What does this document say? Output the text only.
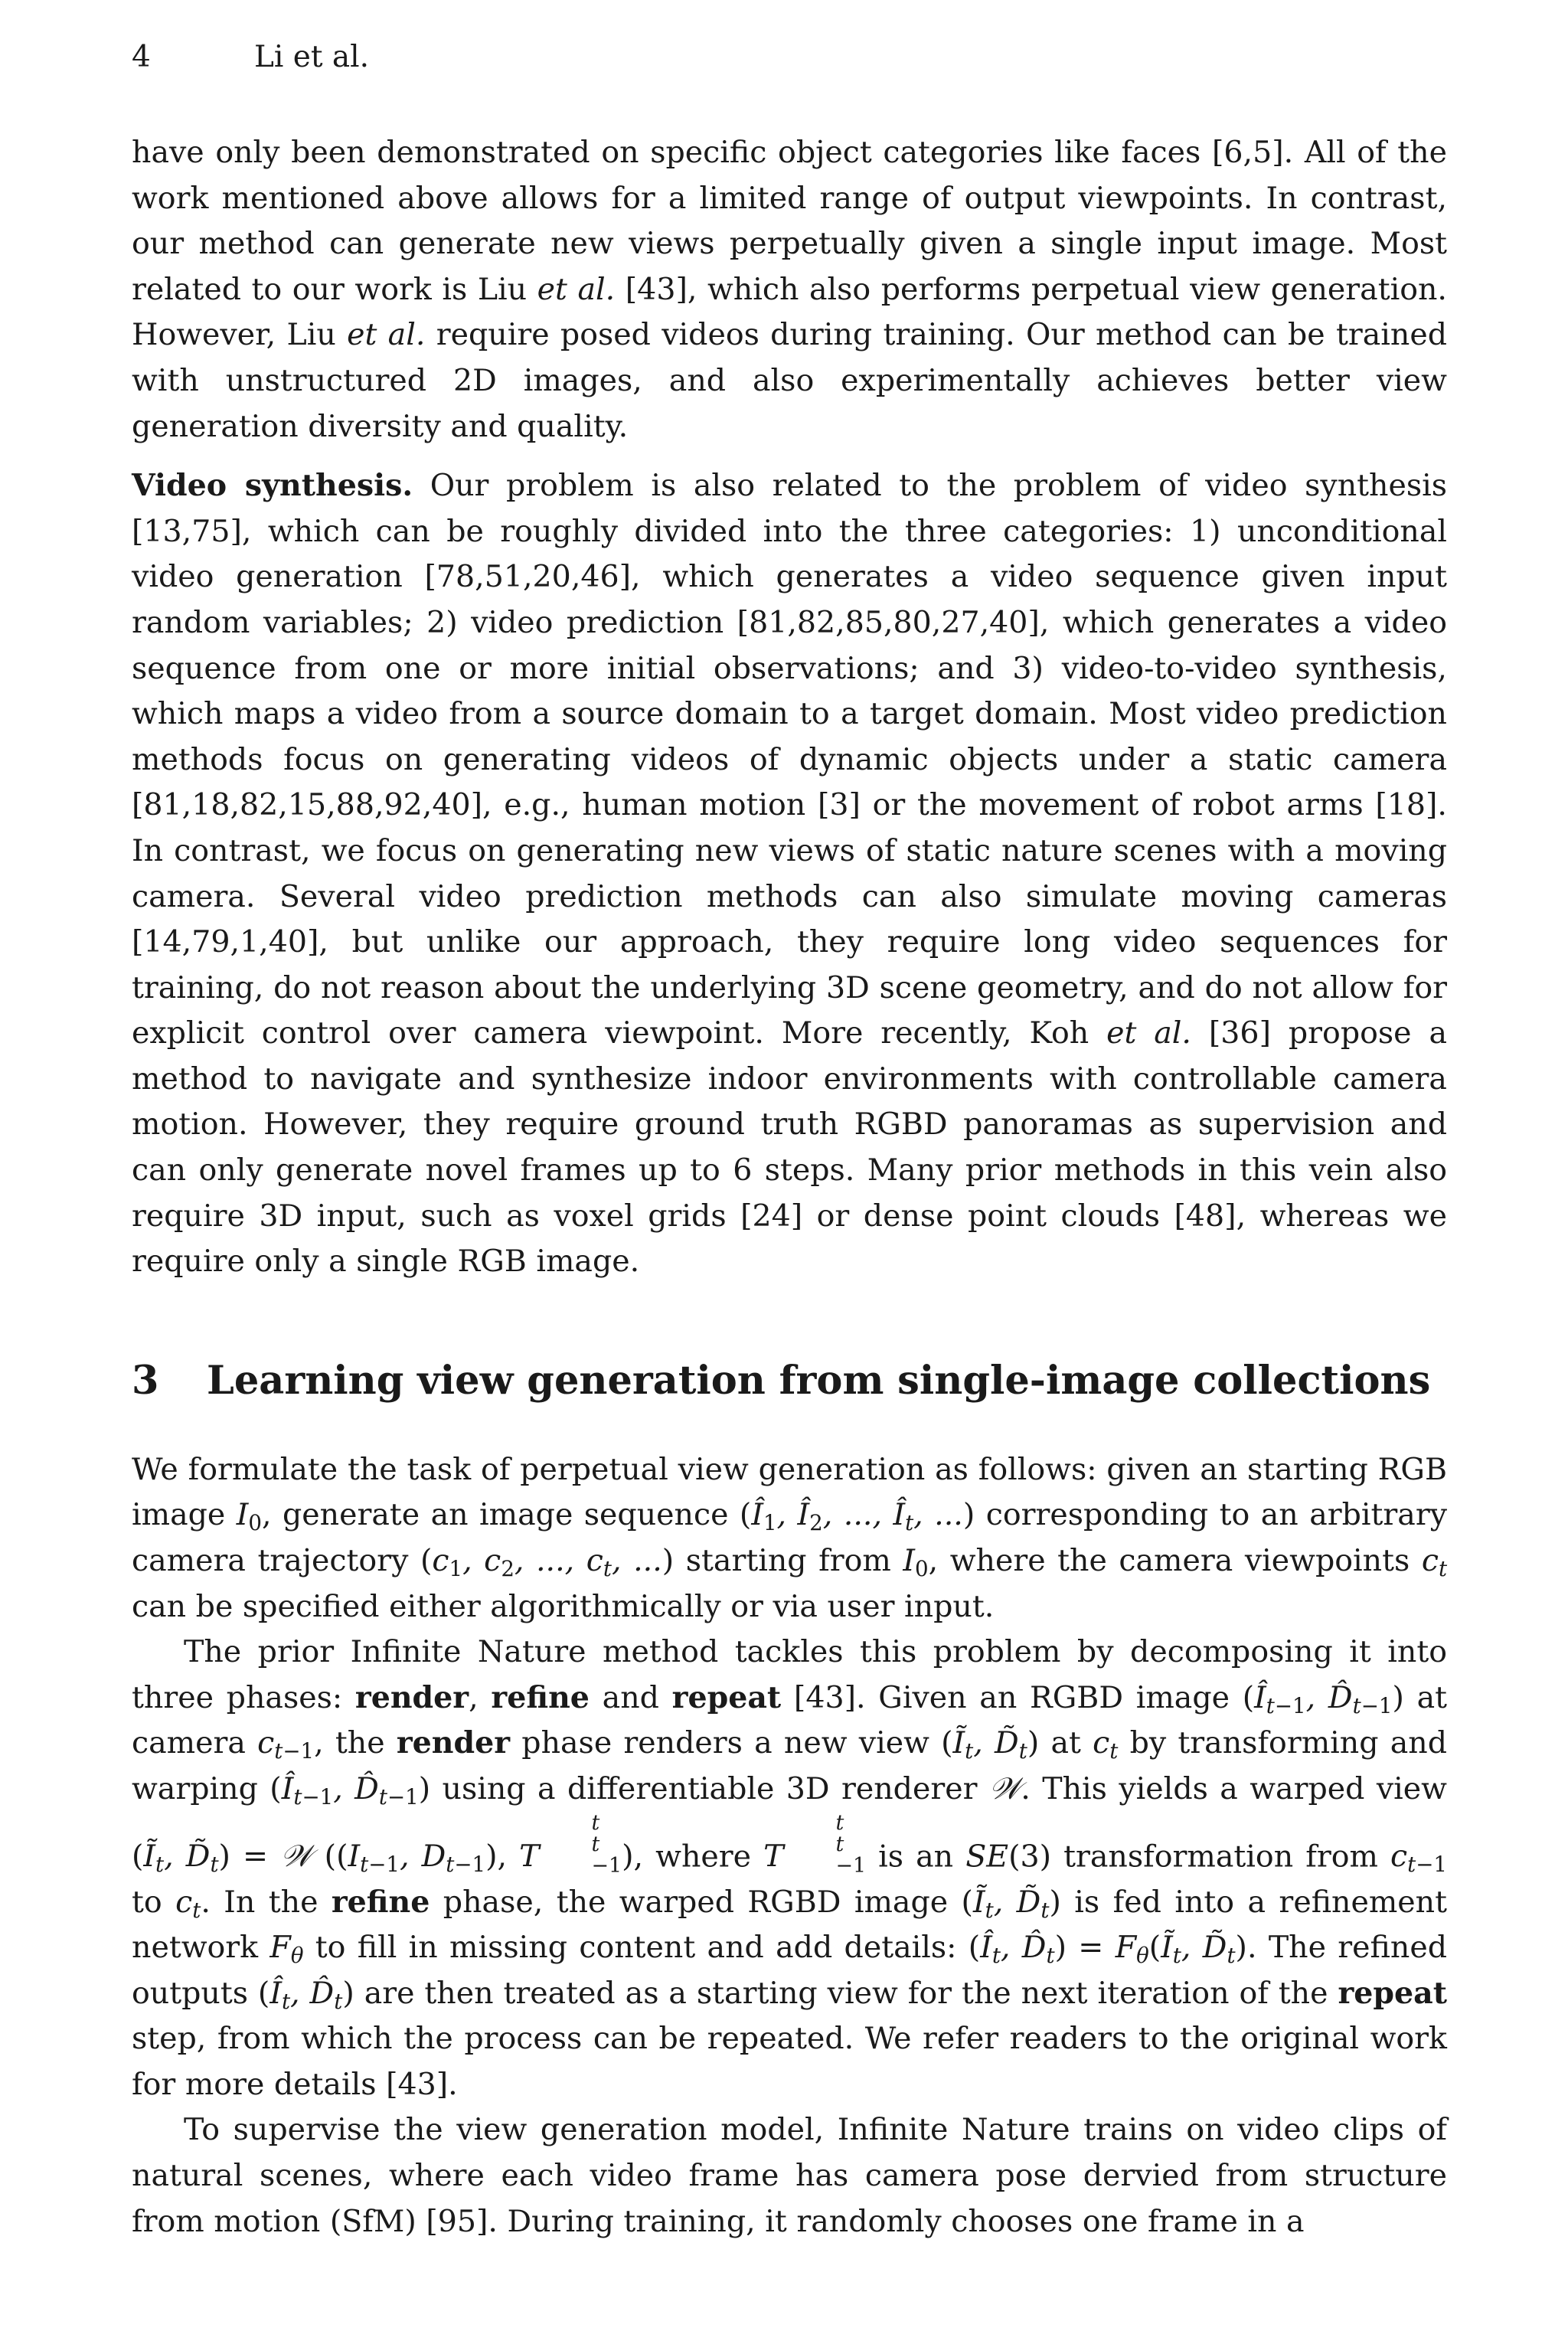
4	Li et al.

have only been demonstrated on specific object categories like faces [6,5]. All of the work mentioned above allows for a limited range of output viewpoints. In contrast, our method can generate new views perpetually given a single input image. Most related to our work is Liu et al. [43], which also performs perpetual view generation. However, Liu et al. require posed videos during training. Our method can be trained with unstructured 2D images, and also experimentally achieves better view generation diversity and quality.

Video synthesis. Our problem is also related to the problem of video synthesis [13,75], which can be roughly divided into the three categories: 1) unconditional video generation [78,51,20,46], which generates a video sequence given input random variables; 2) video prediction [81,82,85,80,27,40], which generates a video sequence from one or more initial observations; and 3) video-to-video synthesis, which maps a video from a source domain to a target domain. Most video prediction methods focus on generating videos of dynamic objects under a static camera [81,18,82,15,88,92,40], e.g., human motion [3] or the movement of robot arms [18]. In contrast, we focus on generating new views of static nature scenes with a moving camera. Several video prediction methods can also simulate moving cameras [14,79,1,40], but unlike our approach, they require long video sequences for training, do not reason about the underlying 3D scene geometry, and do not allow for explicit control over camera viewpoint. More recently, Koh et al. [36] propose a method to navigate and synthesize indoor environments with controllable camera motion. However, they require ground truth RGBD panoramas as supervision and can only generate novel frames up to 6 steps. Many prior methods in this vein also require 3D input, such as voxel grids [24] or dense point clouds [48], whereas we require only a single RGB image.

3	Learning view generation from single-image collections

We formulate the task of perpetual view generation as follows: given an starting RGB image $I_0$, generate an image sequence ($Î_1$, $Î_2$, ..., $Î_t$, ...) corresponding to an arbitrary camera trajectory ($c_1$, $c_2$, ..., $c_t$, ...) starting from $I_0$, where the camera viewpoints $c_t$ can be specified either algorithmically or via user input.

The prior Infinite Nature method tackles this problem by decomposing it into three phases: render, refine and repeat [43]. Given an RGBD image ($Î_{t-1}$, $D̂_{t-1}$) at camera $c_{t-1}$, the render phase renders a new view ($Ĩ_t$, $D̃_t$) at $c_t$ by transforming and warping ($Î_{t-1}$, $D̂_{t-1}$) using a differentiable 3D renderer 𝒲. This yields a warped view ($Ĩ_t$, $D̃_t$) = 𝒲 (($I_{t-1}$, $D_{t-1}$), T
t
t
−1 ), where T
t
t
−1 is an SE(3) transformation from $c_{t-1}$ to $c_t$. In the refine phase, the warped RGBD image ($Ĩ_t$, $D̃_t$) is fed into a refinement network $F_\theta$ to fill in missing content and add details: ($Î_t$, $D̂_t$) = $F_\theta(Ĩ_t$, $D̃_t$). The refined outputs ($Î_t$, $D̂_t$) are then treated as a starting view for the next iteration of the repeat step, from which the process can be repeated. We refer readers to the original work for more details [43].

To supervise the view generation model, Infinite Nature trains on video clips of natural scenes, where each video frame has camera pose dervied from structure from motion (SfM) [95]. During training, it randomly chooses one frame in a
